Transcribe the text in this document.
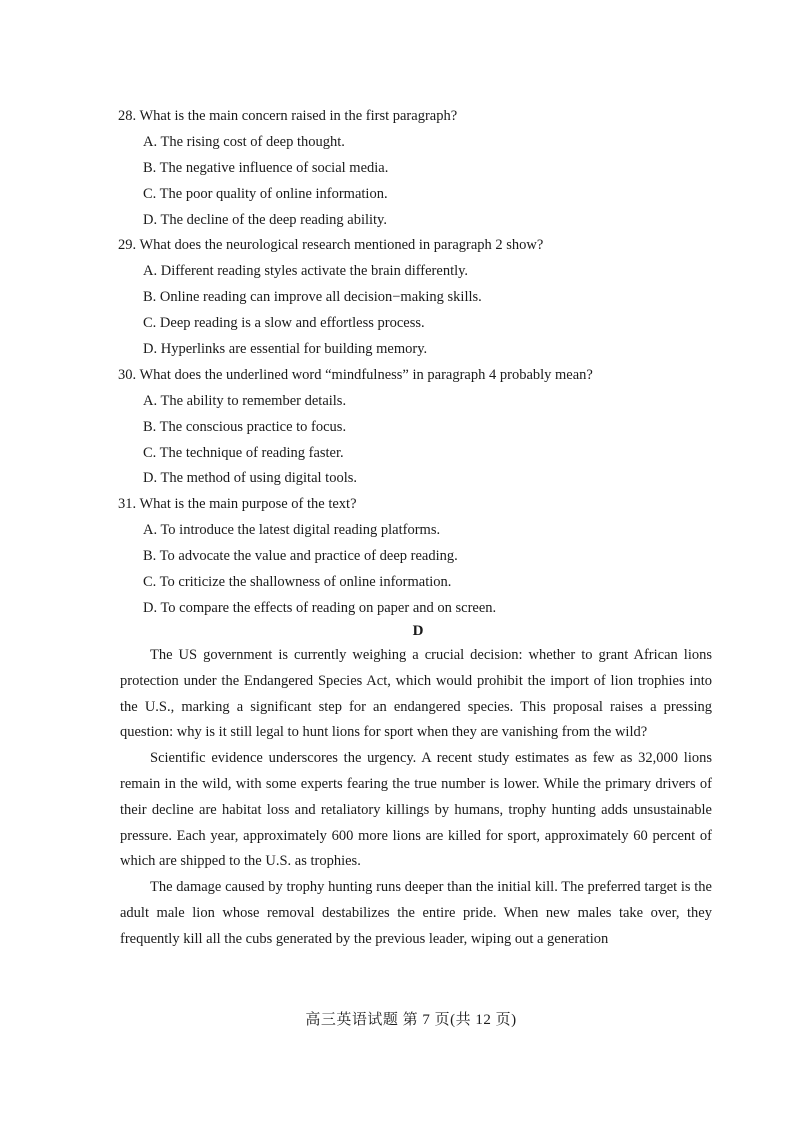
28. What is the main concern raised in the first paragraph?
A. The rising cost of deep thought.
B. The negative influence of social media.
C. The poor quality of online information.
D. The decline of the deep reading ability.
29. What does the neurological research mentioned in paragraph 2 show?
A. Different reading styles activate the brain differently.
B. Online reading can improve all decision−making skills.
C. Deep reading is a slow and effortless process.
D. Hyperlinks are essential for building memory.
30. What does the underlined word “mindfulness” in paragraph 4 probably mean?
A. The ability to remember details.
B. The conscious practice to focus.
C. The technique of reading faster.
D. The method of using digital tools.
31. What is the main purpose of the text?
A. To introduce the latest digital reading platforms.
B. To advocate the value and practice of deep reading.
C. To criticize the shallowness of online information.
D. To compare the effects of reading on paper and on screen.
D

The US government is currently weighing a crucial decision: whether to grant African lions protection under the Endangered Species Act, which would prohibit the import of lion trophies into the U.S., marking a significant step for an endangered species. This proposal raises a pressing question: why is it still legal to hunt lions for sport when they are vanishing from the wild?

Scientific evidence underscores the urgency. A recent study estimates as few as 32,000 lions remain in the wild, with some experts fearing the true number is lower. While the primary drivers of their decline are habitat loss and retaliatory killings by humans, trophy hunting adds unsustainable pressure. Each year, approximately 600 more lions are killed for sport, approximately 60 percent of which are shipped to the U.S. as trophies.

The damage caused by trophy hunting runs deeper than the initial kill. The preferred target is the adult male lion whose removal destabilizes the entire pride. When new males take over, they frequently kill all the cubs generated by the previous leader, wiping out a generation

高三英语试题 第 7 页(共 12 页)
